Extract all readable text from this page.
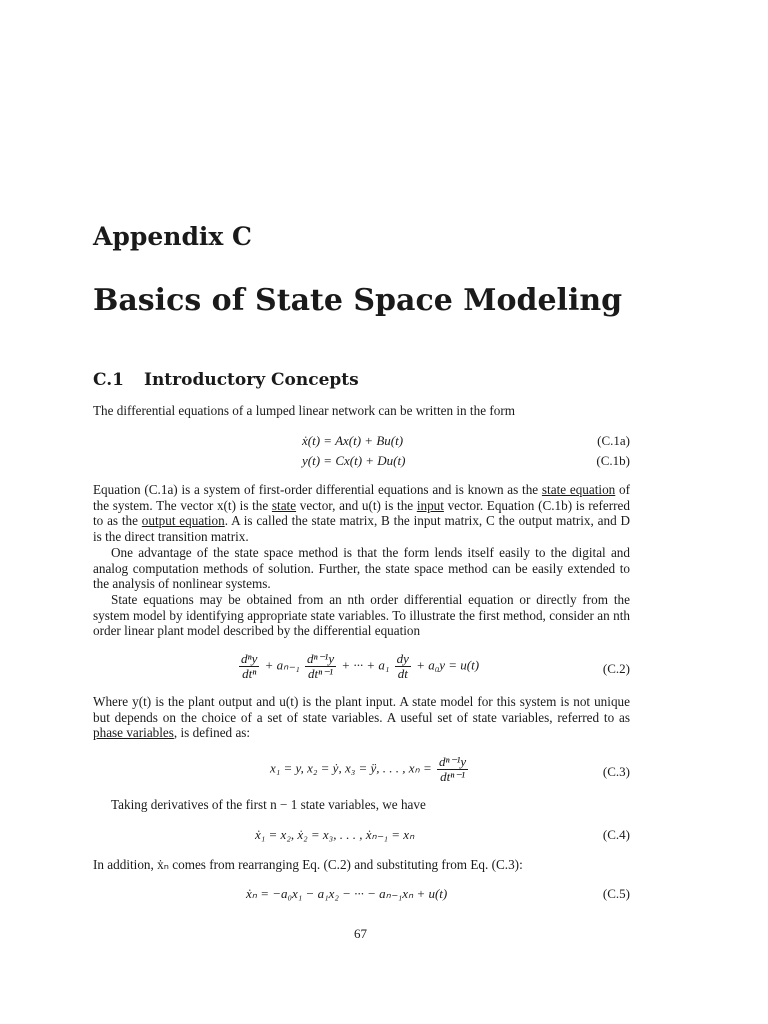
Appendix C
Basics of State Space Modeling
C.1 Introductory Concepts
The differential equations of a lumped linear network can be written in the form
ẋ(t) = Ax(t) + Bu(t)	(C.1a)
y(t) = Cx(t) + Du(t)	(C.1b)
Equation (C.1a) is a system of first-order differential equations and is known as the state equation of the system. The vector x(t) is the state vector, and u(t) is the input vector. Equation (C.1b) is referred to as the output equation. A is called the state matrix, B the input matrix, C the output matrix, and D is the direct transition matrix.
One advantage of the state space method is that the form lends itself easily to the digital and analog computation methods of solution. Further, the state space method can be easily extended to the analysis of nonlinear systems.
State equations may be obtained from an nth order differential equation or directly from the system model by identifying appropriate state variables. To illustrate the first method, consider an nth order linear plant model described by the differential equation
$\frac{\text{dⁿy}}{\text{dtⁿ}} + a_{n-1} \frac{\text{dⁿ⁻¹y}}{\text{dtⁿ⁻¹}}$ + ··· + $a_1 \frac{dy}{dt} + a_0y = u(t)$	(C.2)
Where y(t) is the plant output and u(t) is the plant input. A state model for this system is not unique but depends on the choice of a set of state variables. A useful set of state variables, referred to as phase variables, is defined as:
x₁ = y, x₂ = ẏ, x₃ = ÿ, . . . , $x_n = \frac{\text{dⁿ⁻¹y}}{\text{dtⁿ⁻¹}}$	(C.3)
Taking derivatives of the first n − 1 state variables, we have
ẋ₁ = x₂, ẋ₂ = x₃, . . . , ẋₙ₋₁ = xₙ	(C.4)
In addition, ẋₙ comes from rearranging Eq. (C.2) and substituting from Eq. (C.3):
ẋₙ = −a₀x₁ − a₁x₂ − ··· − aₙ₋₁xₙ + u(t)	(C.5)
67
